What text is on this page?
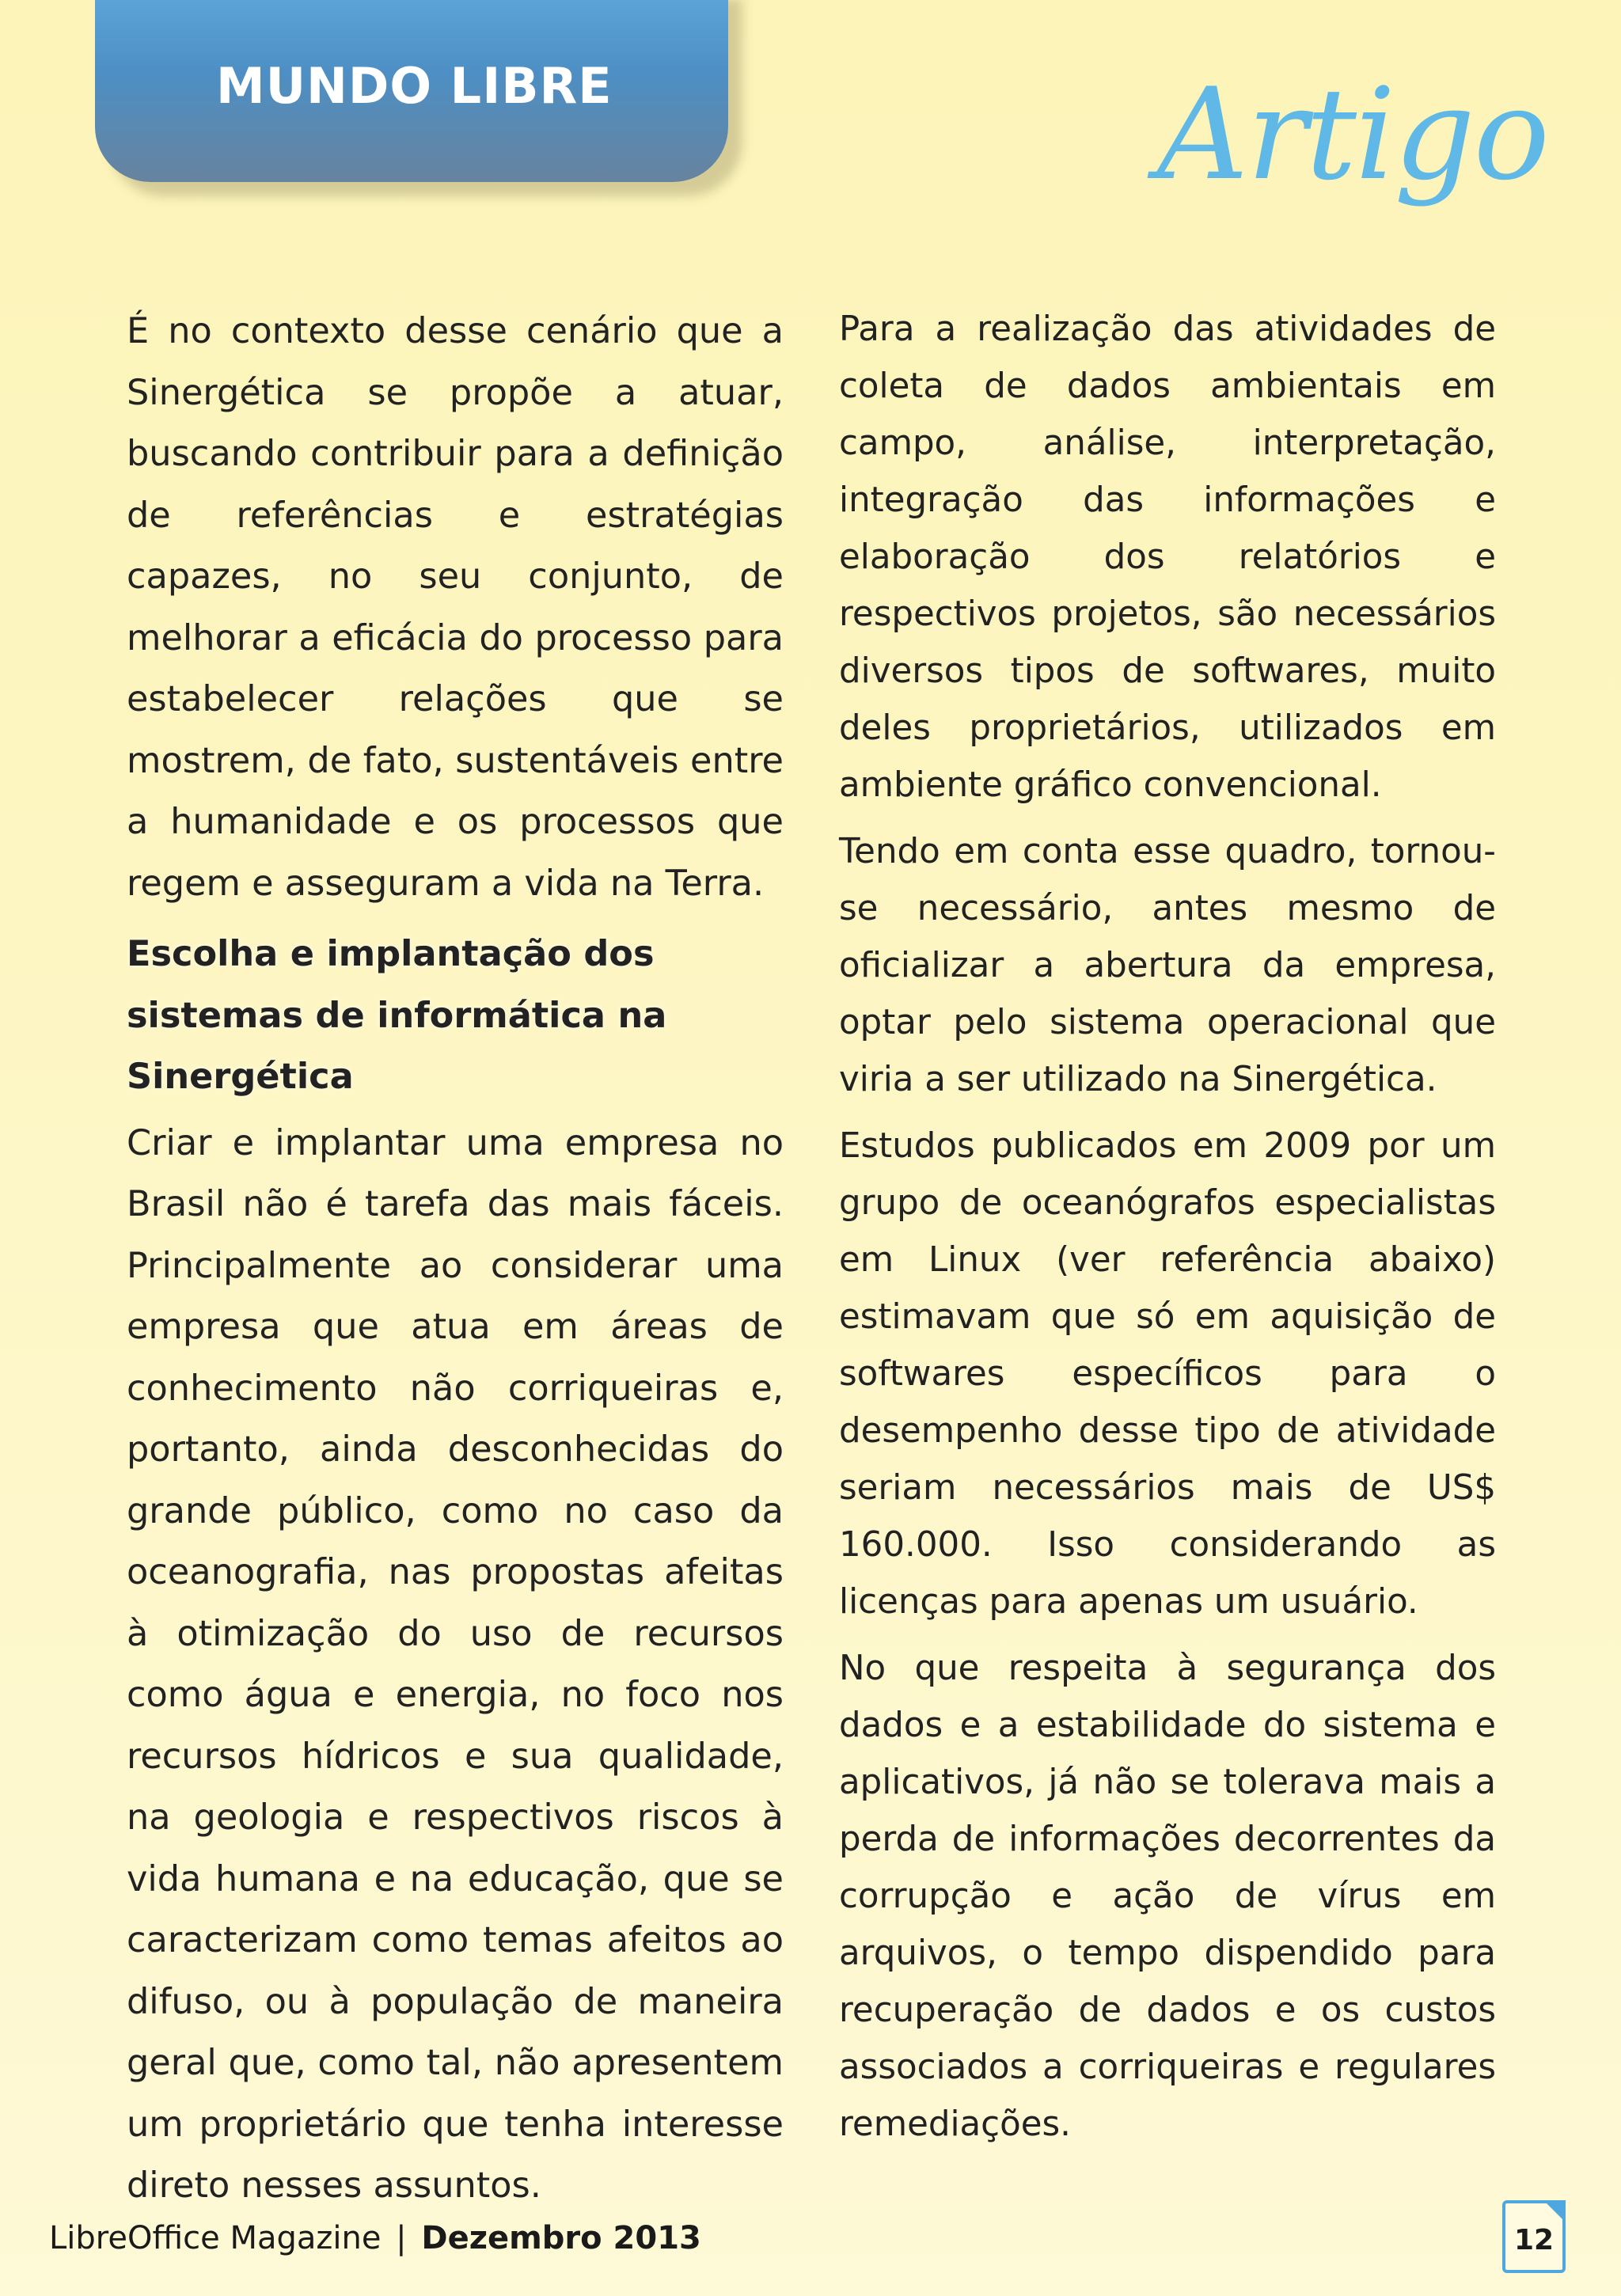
MUNDO LIBRE	Artigo

É no contexto desse cenário que a Sinergética se propõe a atuar, buscando contribuir para a definição de referências e estratégias capazes, no seu conjunto, de melhorar a eficácia do processo para estabelecer relações que se mostrem, de fato, sustentáveis entre a humanidade e os processos que regem e asseguram a vida na Terra.

Escolha e implantação dos sistemas de informática na Sinergética

Criar e implantar uma empresa no Brasil não é tarefa das mais fáceis. Principalmente ao considerar uma empresa que atua em áreas de conhecimento não corriqueiras e, portanto, ainda desconhecidas do grande público, como no caso da oceanografia, nas propostas afeitas à otimização do uso de recursos como água e energia, no foco nos recursos hídricos e sua qualidade, na geologia e respectivos riscos à vida humana e na educação, que se caracterizam como temas afeitos ao difuso, ou à população de maneira geral que, como tal, não apresentem um proprietário que tenha interesse direto nesses assuntos.

Para a realização das atividades de coleta de dados ambientais em campo, análise, interpretação, integração das informações e elaboração dos relatórios e respectivos projetos, são necessários diversos tipos de softwares, muito deles proprietários, utilizados em ambiente gráfico convencional.

Tendo em conta esse quadro, tornou-se necessário, antes mesmo de oficializar a abertura da empresa, optar pelo sistema operacional que viria a ser utilizado na Sinergética.

Estudos publicados em 2009 por um grupo de oceanógrafos especialistas em Linux (ver referência abaixo) estimavam que só em aquisição de softwares específicos para o desempenho desse tipo de atividade seriam necessários mais de US$ 160.000. Isso considerando as licenças para apenas um usuário.

No que respeita à segurança dos dados e a estabilidade do sistema e aplicativos, já não se tolerava mais a perda de informações decorrentes da corrupção e ação de vírus em arquivos, o tempo dispendido para recuperação de dados e os custos associados a corriqueiras e regulares remediações.

LibreOffice Magazine | Dezembro 2013	12
